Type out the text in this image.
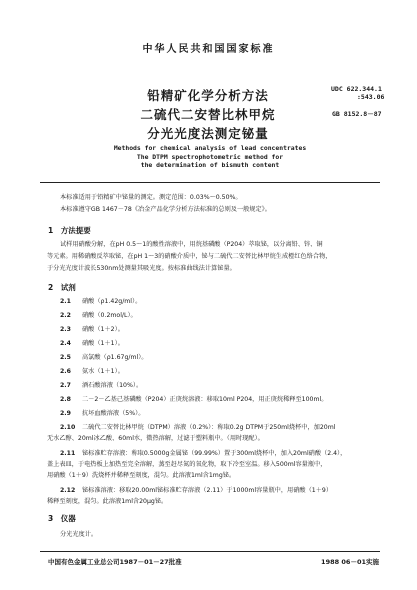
中华人民共和国国家标准
铅精矿化学分析方法
二硫代二安替比林甲烷
分光光度法测定铋量
UDC 622.344.1
:543.06
GB 8152.8－87
Methods for chemical analysis of lead concentrates
The DTPM spectrophotometric method for
the determination of bismuth content
本标准适用于铅精矿中铋量的测定。测定范围：0.03%～0.50%。
本标准遵守GB 1467－78《冶金产品化学分析方法标准的总则及一般规定》。
1　方法提要
试样用硝酸分解，在pH 0.5～1的酸性溶液中，用烷基磷酸（P204）萃取铋，以分离铅、锌、铜
等元素。用稀硝酸反萃取铋，在pH 1～3的硝酸介质中，铋与二硫代二安替比林甲烷生成橙红色络合物，
于分光光度计波长530nm处测量其吸光度。按标准曲线法计算铋量。
2　试剂
2.1	硝酸（ρ1.42g/ml）。
2.2	硝酸（0.2mol/L）。
2.3	硝酸（1＋2）。
2.4	硝酸（1＋1）。
2.5	高氯酸（ρ1.67g/ml）。
2.6	氨水（1＋1）。
2.7	酒石酸溶液（10%）。
2.8	二－2－乙基己基磷酸（P204）正庚烷溶液：移取10ml P204，用正庚烷稀释至100ml。
2.9	抗坏血酸溶液（5%）。
2.10	二硫代二安替比林甲烷（DTPM）溶液（0.2%）：称取0.2g DTPM于250ml烧杯中，加20ml
无水乙醇、20ml冰乙酸、60ml水，微热溶解，过滤于塑料瓶中。（用时现配）。
2.11	铋标准贮存溶液：称取0.5000g金属铋（99.99%）置于300ml烧杯中，加入20ml硝酸（2.4），
盖上表皿，于电热板上加热至完全溶解，蒸至赶尽氮的氧化物，取下冷至室温。移入500ml容量瓶中，
用硝酸（1＋9）洗烧杯并稀释至刻度，混匀。此溶液1ml含1mg铋。
2.12	铋标准溶液：移取20.00ml铋标准贮存溶液（2.11）于1000ml容量瓶中，用硝酸（1＋9）
稀释至刻度，混匀。此溶液1ml含20μg铋。
3　仪器
分光光度计。
中国有色金属工业总公司1987－01－27批准	1988 06－01实施
